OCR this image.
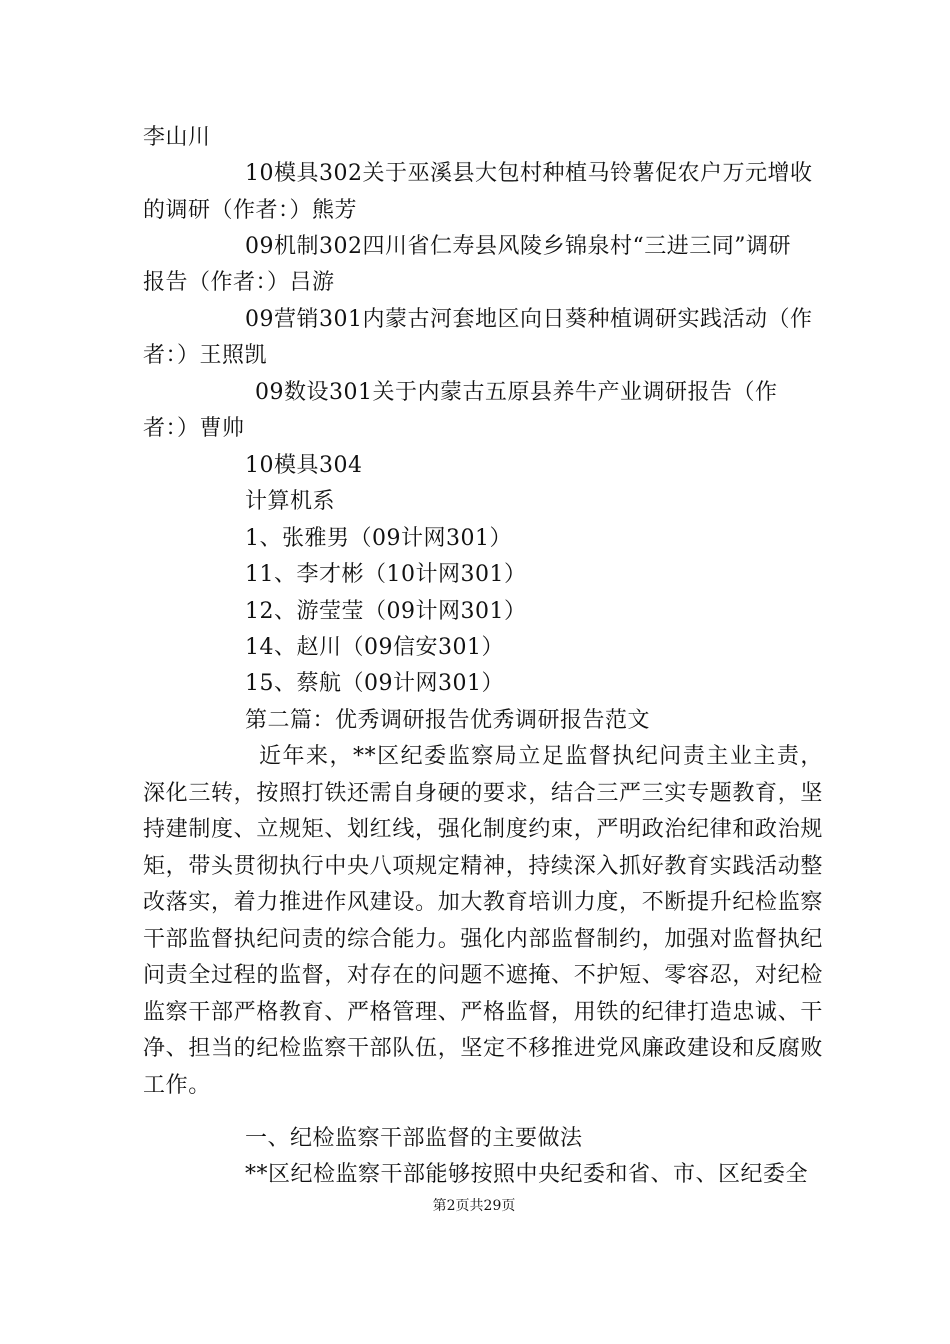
李山川
10模具302关于巫溪县大包村种植马铃薯促农户万元增收
的调研（作者：）熊芳
09机制302四川省仁寿县风陵乡锦泉村“三进三同”调研
报告（作者：）吕游
09营销301内蒙古河套地区向日葵种植调研实践活动（作
者：）王照凯
09数设301关于内蒙古五原县养牛产业调研报告（作
者：）曹帅
10模具304
计算机系
1、张雅男（09计网301）
11、李才彬（10计网301）
12、游莹莹（09计网301）
14、赵川（09信安301）
15、蔡航（09计网301）
第二篇：优秀调研报告优秀调研报告范文
近年来，**区纪委监察局立足监督执纪问责主业主责，深化三转，按照打铁还需自身硬的要求，结合三严三实专题教育，坚持建制度、立规矩、划红线，强化制度约束，严明政治纪律和政治规矩，带头贯彻执行中央八项规定精神，持续深入抓好教育实践活动整改落实，着力推进作风建设。加大教育培训力度，不断提升纪检监察干部监督执纪问责的综合能力。强化内部监督制约，加强对监督执纪问责全过程的监督，对存在的问题不遮掩、不护短、零容忍，对纪检监察干部严格教育、严格管理、严格监督，用铁的纪律打造忠诚、干净、担当的纪检监察干部队伍，坚定不移推进党风廉政建设和反腐败工作。
一、纪检监察干部监督的主要做法
**区纪检监察干部能够按照中央纪委和省、市、区纪委全
第2页共29页
